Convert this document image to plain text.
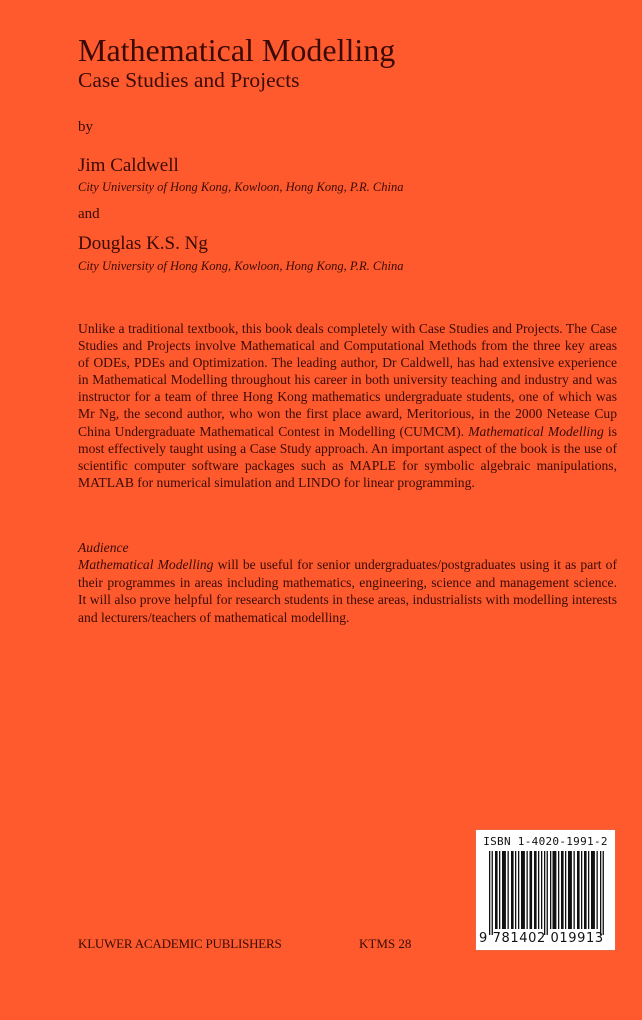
Mathematical Modelling
Case Studies and Projects
by
Jim Caldwell
City University of Hong Kong, Kowloon, Hong Kong, P.R. China
and
Douglas K.S. Ng
City University of Hong Kong, Kowloon, Hong Kong, P.R. China

Unlike a traditional textbook, this book deals completely with Case Studies and Projects. The Case Studies and Projects involve Mathematical and Computational Methods from the three key areas of ODEs, PDEs and Optimization. The leading author, Dr Caldwell, has had extensive experience in Mathematical Modelling throughout his career in both university teaching and industry and was instructor for a team of three Hong Kong mathematics undergraduate students, one of which was Mr Ng, the second author, who won the first place award, Meritorious, in the 2000 Netease Cup China Undergraduate Mathematical Contest in Modelling (CUMCM). Mathematical Modelling is most effectively taught using a Case Study approach. An important aspect of the book is the use of scientific computer software packages such as MAPLE for symbolic algebraic manipulations, MATLAB for numerical simulation and LINDO for linear programming.

Audience

Mathematical Modelling will be useful for senior undergraduates/postgraduates using it as part of their programmes in areas including mathematics, engineering, science and management science. It will also prove helpful for research students in these areas, industrialists with modelling interests and lecturers/teachers of mathematical modelling.

KLUWER ACADEMIC PUBLISHERS	KTMS 28
ISBN 1-4020-1991-2
9 781402 019913
